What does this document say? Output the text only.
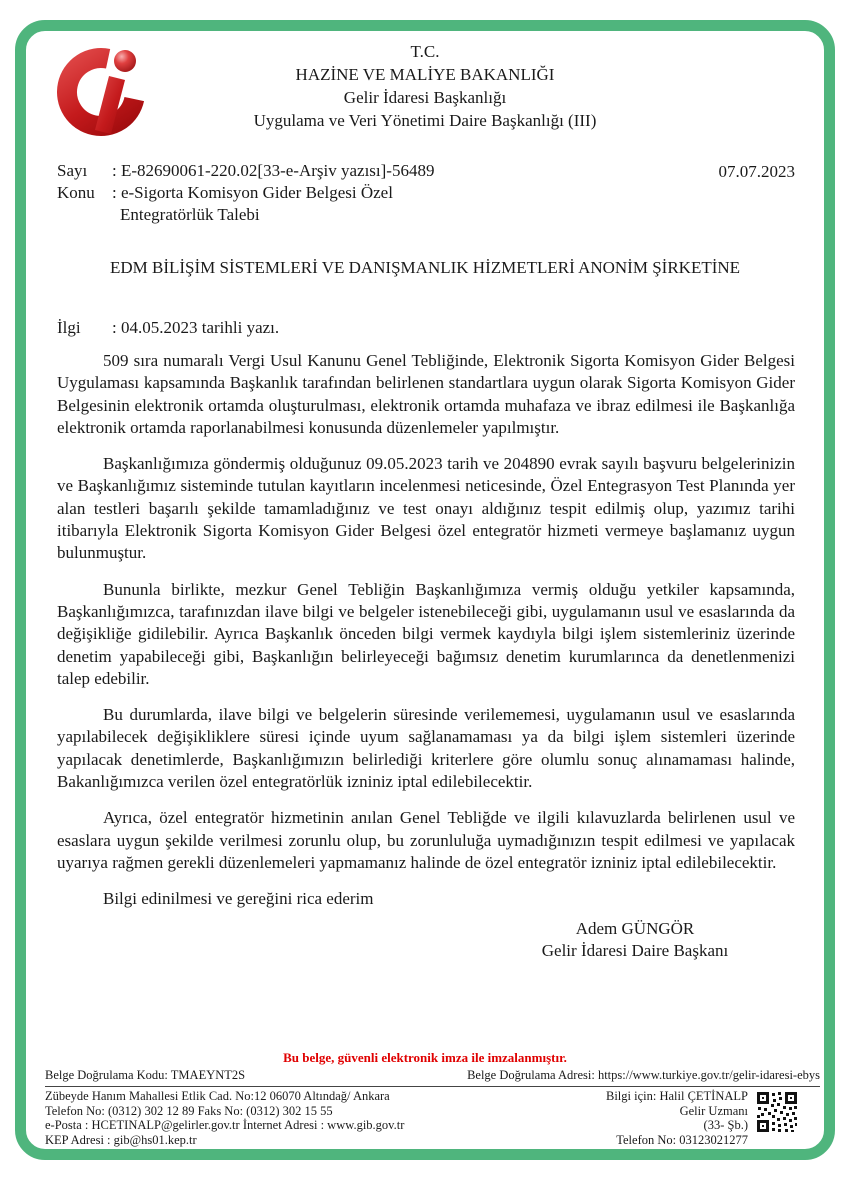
T.C.
HAZİNE VE MALİYE BAKANLIĞI
Gelir İdaresi Başkanlığı
Uygulama ve Veri Yönetimi Daire Başkanlığı (III)
Sayı	: E-82690061-220.02[33-e-Arşiv yazısı]-56489
Konu	: e-Sigorta Komisyon Gider Belgesi Özel
Entegratörlük Talebi
07.07.2023
EDM BİLİŞİM SİSTEMLERİ VE DANIŞMANLIK HİZMETLERİ ANONİM ŞİRKETİNE
İlgi	: 04.05.2023 tarihli yazı.

509 sıra numaralı Vergi Usul Kanunu Genel Tebliğinde, Elektronik Sigorta Komisyon Gider Belgesi Uygulaması kapsamında Başkanlık tarafından belirlenen standartlara uygun olarak Sigorta Komisyon Gider Belgesinin elektronik ortamda oluşturulması, elektronik ortamda muhafaza ve ibraz edilmesi ile Başkanlığa elektronik ortamda raporlanabilmesi konusunda düzenlemeler yapılmıştır.

Başkanlığımıza göndermiş olduğunuz 09.05.2023 tarih ve 204890 evrak sayılı başvuru belgelerinizin ve Başkanlığımız sisteminde tutulan kayıtların incelenmesi neticesinde, Özel Entegrasyon Test Planında yer alan testleri başarılı şekilde tamamladığınız ve test onayı aldığınız tespit edilmiş olup, yazımız tarihi itibarıyla Elektronik Sigorta Komisyon Gider Belgesi özel entegratör hizmeti vermeye başlamanız uygun bulunmuştur.

Bununla birlikte, mezkur Genel Tebliğin Başkanlığımıza vermiş olduğu yetkiler kapsamında, Başkanlığımızca, tarafınızdan ilave bilgi ve belgeler istenebileceği gibi, uygulamanın usul ve esaslarında da değişikliğe gidilebilir. Ayrıca Başkanlık önceden bilgi vermek kaydıyla bilgi işlem sistemleriniz üzerinde denetim yapabileceği gibi, Başkanlığın belirleyeceği bağımsız denetim kurumlarınca da denetlenmenizi talep edebilir.

Bu durumlarda, ilave bilgi ve belgelerin süresinde verilememesi, uygulamanın usul ve esaslarında yapılabilecek değişikliklere süresi içinde uyum sağlanamaması ya da bilgi işlem sistemleri üzerinde yapılacak denetimlerde, Başkanlığımızın belirlediği kriterlere göre olumlu sonuç alınamaması halinde, Bakanlığımızca verilen özel entegratörlük izniniz iptal edilebilecektir.

Ayrıca, özel entegratör hizmetinin anılan Genel Tebliğde ve ilgili kılavuzlarda belirlenen usul ve esaslara uygun şekilde verilmesi zorunlu olup, bu zorunluluğa uymadığınızın tespit edilmesi ve yapılacak uyarıya rağmen gerekli düzenlemeleri yapmamanız halinde de özel entegratör izniniz iptal edilebilecektir.

Bilgi edinilmesi ve gereğini rica ederim

Adem GÜNGÖR
Gelir İdaresi Daire Başkanı
Bu belge, güvenli elektronik imza ile imzalanmıştır.
Belge Doğrulama Kodu: TMAEYNT2S	Belge Doğrulama Adresi: https://www.turkiye.gov.tr/gelir-idaresi-ebys
Zübeyde Hanım Mahallesi Etlik Cad. No:12 06070 Altındağ/ Ankara
Telefon No: (0312) 302 12 89 Faks No: (0312) 302 15 55
e-Posta : HCETINALP@gelirler.gov.tr İnternet Adresi : www.gib.gov.tr
KEP Adresi : gib@hs01.kep.tr
Bilgi için: Halil ÇETİNALP
Gelir Uzmanı
(33- Şb.)
Telefon No: 03123021277
